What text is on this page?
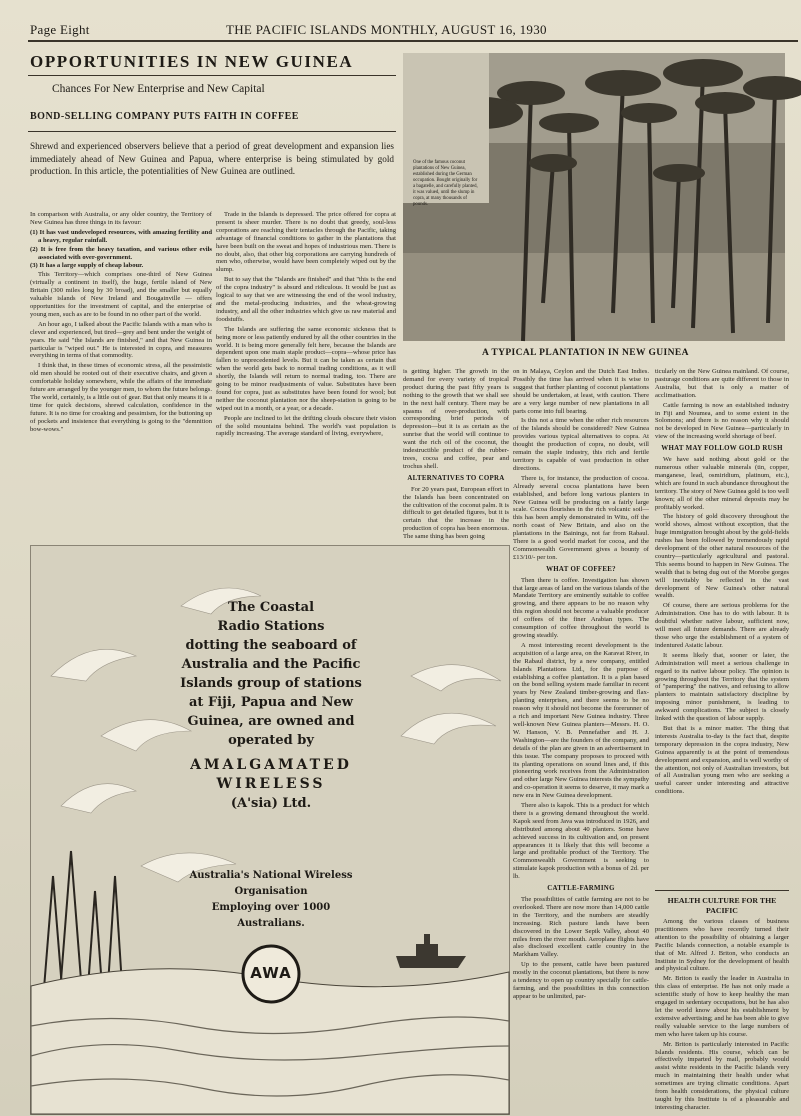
Page Eight	THE PACIFIC ISLANDS MONTHLY, AUGUST 16, 1930
OPPORTUNITIES IN NEW GUINEA
Chances For New Enterprise and New Capital
BOND-SELLING COMPANY PUTS FAITH IN COFFEE
Shrewd and experienced observers believe that a period of great development and expansion lies immediately ahead of New Guinea and Papua, where enterprise is being stimulated by gold production. In this article, the potentialities of New Guinea are outlined.

In comparison with Australia, or any older country, the Territory of New Guinea has three things in its favour:

(1) It has vast undeveloped resources, with amazing fertility and a heavy, regular rainfall.
(2) It is free from the heavy taxation, and various other evils associated with over-government.
(3) It has a large supply of cheap labour.

This Territory—which comprises one-third of New Guinea (virtually a continent in itself), the huge, fertile island of New Britain (300 miles long by 30 broad), and the smaller but equally valuable islands of New Ireland and Bougainville — offers opportunities for the investment of capital, and the enterprise of young men, such as are to be found in no other part of the world.

An hour ago, I talked about the Pacific Islands with a man who is clever and experienced, but tired—grey and bent under the weight of years. He said "the Islands are finished," and that New Guinea in particular is "wiped out." He is interested in copra, and measures everything in terms of that commodity.

I think that, in these times of economic stress, all the pessimistic old men should be rooted out of their executive chairs, and given a comfortable holiday somewhere, while the affairs of the immediate future are arranged by the younger men, to whom the future belongs. The world, certainly, is a little out of gear. But that only means it is a time for quick decisions, shrewd calculation, confidence in the future. It is no time for croaking and pessimism, for the buttoning up of pockets and insistence that everything is going to the "demnition bow-wows."

Trade in the Islands is depressed. The price offered for copra at present is sheer murder. There is no doubt that greedy, soul-less corporations are reaching their tentacles through the Pacific, taking advantage of financial conditions to gather in the plantations that have been built on the sweat and hopes of industrious men. There is no doubt, also, that other big corporations are carrying hundreds of men who, otherwise, would have been completely wiped out by the slump.

But to say that the "Islands are finished" and that "this is the end of the copra industry" is absurd and ridiculous. It would be just as logical to say that we are witnessing the end of the wool industry, and the metal-producing industries, and the wheat-growing industry, and all the other industries which give us raw material and foodstuffs.

The Islands are suffering the same economic sickness that is being more or less patiently endured by all the other countries in the world. It is being more generally felt here, because the Islands are dependent upon one main staple product—copra—whose price has fallen to unprecedented levels. But it can be taken as certain that when the world gets back to normal trading conditions, as it will shortly, the Islands will return to normal trading, too. There are going to be minor readjustments of value. Substitutes have been found for copra, just as substitutes have been found for wool; but neither the coconut plantation nor the sheep-station is going to be wiped out in a month, or a year, or a decade.

People are inclined to let the drifting clouds obscure their vision of the solid mountains behind. The world's vast population is rapidly increasing. The average standard of living, everywhere,

One of the famous coconut plantations of New Guinea, established during the German occupation. Bought originally for a bagatelle, and carefully planted, it was valued, until the slump in copra, at many thousands of pounds.
A TYPICAL PLANTATION IN NEW GUINEA

is getting higher. The growth in the demand for every variety of tropical product during the past fifty years is nothing to the growth that we shall see in the next half century. There may be spasms of over-production, with corresponding brief periods of depression—but it is as certain as the sunrise that the world will continue to want the rich oil of the coconut, the indestructible product of the rubber-trees, cocoa and coffee, pear and trochus shell.

ALTERNATIVES TO COPRA

For 20 years past, European effort in the Islands has been concentrated on the cultivation of the coconut palm. It is difficult to get detailed figures, but it is certain that the increase in the production of copra has been enormous. The same thing has been going

on in Malaya, Ceylon and the Dutch East Indies. Possibly the time has arrived when it is wise to suggest that further planting of coconut plantations should be undertaken, at least, with caution. There are a very large number of new plantations in all parts come into full bearing.

Is this not a time when the other rich resources of the Islands should be considered? New Guinea provides various typical alternatives to copra. At thought the production of copra, no doubt, will remain the staple industry, this rich and fertile territory is capable of vast production in other directions.

There is, for instance, the production of cocoa. Already several cocoa plantations have been established, and before long various planters in New Guinea will be producing on a fairly large scale. Cocoa flourishes in the rich volcanic soil—this has been amply demonstrated in Witu, off the north coast of New Britain, and also on the plantations in the Bainings, not far from Rabaul. There is a good world market for cocoa, and the Commonwealth Government gives a bounty of £13/10/- per ton.

WHAT OF COFFEE?

Then there is coffee. Investigation has shown that large areas of land on the various islands of the Mandate Territory are eminently suitable to coffee growing, and there appears to be no reason why this region should not become a valuable producer of coffees of the finer Arabian types. The consumption of coffee throughout the world is growing steadily.

A most interesting recent development is the acquisition of a large area, on the Karavat River, in the Rabaul district, by a new company, entitled Islands Plantations Ltd., for the purpose of establishing a coffee plantation. It is a plan based on the bond selling system made familiar in recent years by New Zealand timber-growing and flax-planting enterprises, and there seems to be no reason why it should not become the forerunner of a rich and important New Guinea industry. Three well-known New Guinea planters—Messrs. H. O. W. Hanson, V. B. Pennefather and H. J. Washington—are the founders of the company, and details of the plan are given in an advertisement in this issue. The company proposes to proceed with its planting operations on sound lines and, if this pioneering work receives from the Administration and other large New Guinea interests the sympathy and co-operation it seems to deserve, it may mark a new era in New Guinea development.

There also is kapok. This is a product for which there is a growing demand throughout the world. Kapok seed from Java was introduced in 1926, and distributed among about 40 planters. Some have achieved success in its cultivation and, on present appearances it is likely that this will become a large and profitable product of the Territory. The Commonwealth Government is seeking to stimulate kapok production with a bonus of 2d. per lb.

CATTLE-FARMING

The possibilities of cattle farming are not to be overlooked. There are now more than 14,000 cattle in the Territory, and the numbers are steadily increasing. Rich pasture lands have been discovered in the Lower Sepik Valley, about 40 miles from the river mouth. Aeroplane flights have also disclosed excellent cattle country in the Markham Valley.

Up to the present, cattle have been pastured mostly in the coconut plantations, but there is now a tendency to open up country specially for cattle-farming, and the possibilities in this connection appear to be unlimited, par-

ticularly on the New Guinea mainland. Of course, pasturage conditions are quite different to those in Australia, but that is only a matter of acclimatisation.

Cattle farming is now an established industry in Fiji and Noumea, and to some extent in the Solomons; and there is no reason why it should not be developed in New Guinea—particularly in view of the increasing world shortage of beef.

WHAT MAY FOLLOW GOLD RUSH

We have said nothing about gold or the numerous other valuable minerals (tin, copper, manganese, lead, osmiridium, platinum, etc.), which are found in such abundance throughout the territory. The story of New Guinea gold is too well known; all of the other mineral deposits may be profitably worked.

The history of gold discovery throughout the world shows, almost without exception, that the huge immigration brought about by the gold-fields rushes has been followed by tremendously rapid development of the other natural resources of the country—particularly agricultural and pastoral. This seems bound to happen in New Guinea. The wealth that is being dug out of the Morobe gorges will inevitably be reflected in the vast development of New Guinea's other natural wealth.

Of course, there are serious problems for the Administration. One has to do with labour. It is doubtful whether native labour, sufficient now, will meet all future demands. There are already those who urge the establishment of a system of indentured Asiatic labour.

It seems likely that, sooner or later, the Administration will meet a serious challenge in regard to its native labour policy. The opinion is growing throughout the Territory that the system of "pampering" the natives, and refusing to allow planters to maintain satisfactory discipline by imposing minor punishment, is leading to awkward complications. The subject is closely linked with the question of labour supply.

But that is a minor matter. The thing that interests Australia to-day is the fact that, despite temporary depression in the copra industry, New Guinea apparently is at the point of tremendous development and expansion, and is well worthy of the attention, not only of Australian investors, but of all Australian young men who are seeking a useful career under interesting and attractive conditions.

HEALTH CULTURE FOR THE PACIFIC

Among the various classes of business practitioners who have recently turned their attention to the possibility of obtaining a larger Pacific Islands connection, a notable example is that of Mr. Alfred J. Briton, who conducts an Institute in Sydney for the development of health and physical culture.

Mr. Briton is easily the leader in Australia in this class of enterprise. He has not only made a scientific study of how to keep healthy the man engaged in sedentary occupations, but he has also let the world know about his establishment by extensive advertising; and he has been able to give really valuable service to the large numbers of men who have taken up his course.

Mr. Briton is particularly interested in Pacific Islands residents. His course, which can be effectively imparted by mail, probably would assist white residents in the Pacific Islands very much in maintaining their health under what sometimes are trying climatic conditions. Apart from health considerations, the physical culture taught by this Institute is of a pleasurable and interesting character.

The Coastal
Radio Stations
dotting the seaboard of
Australia and the Pacific
Islands group of stations
at Fiji, Papua and New
Guinea, are owned and
operated by
AMALGAMATED
WIRELESS
(A'sia) Ltd.
Australia's National Wireless
Organisation
Employing over 1000
Australians.
AWA
